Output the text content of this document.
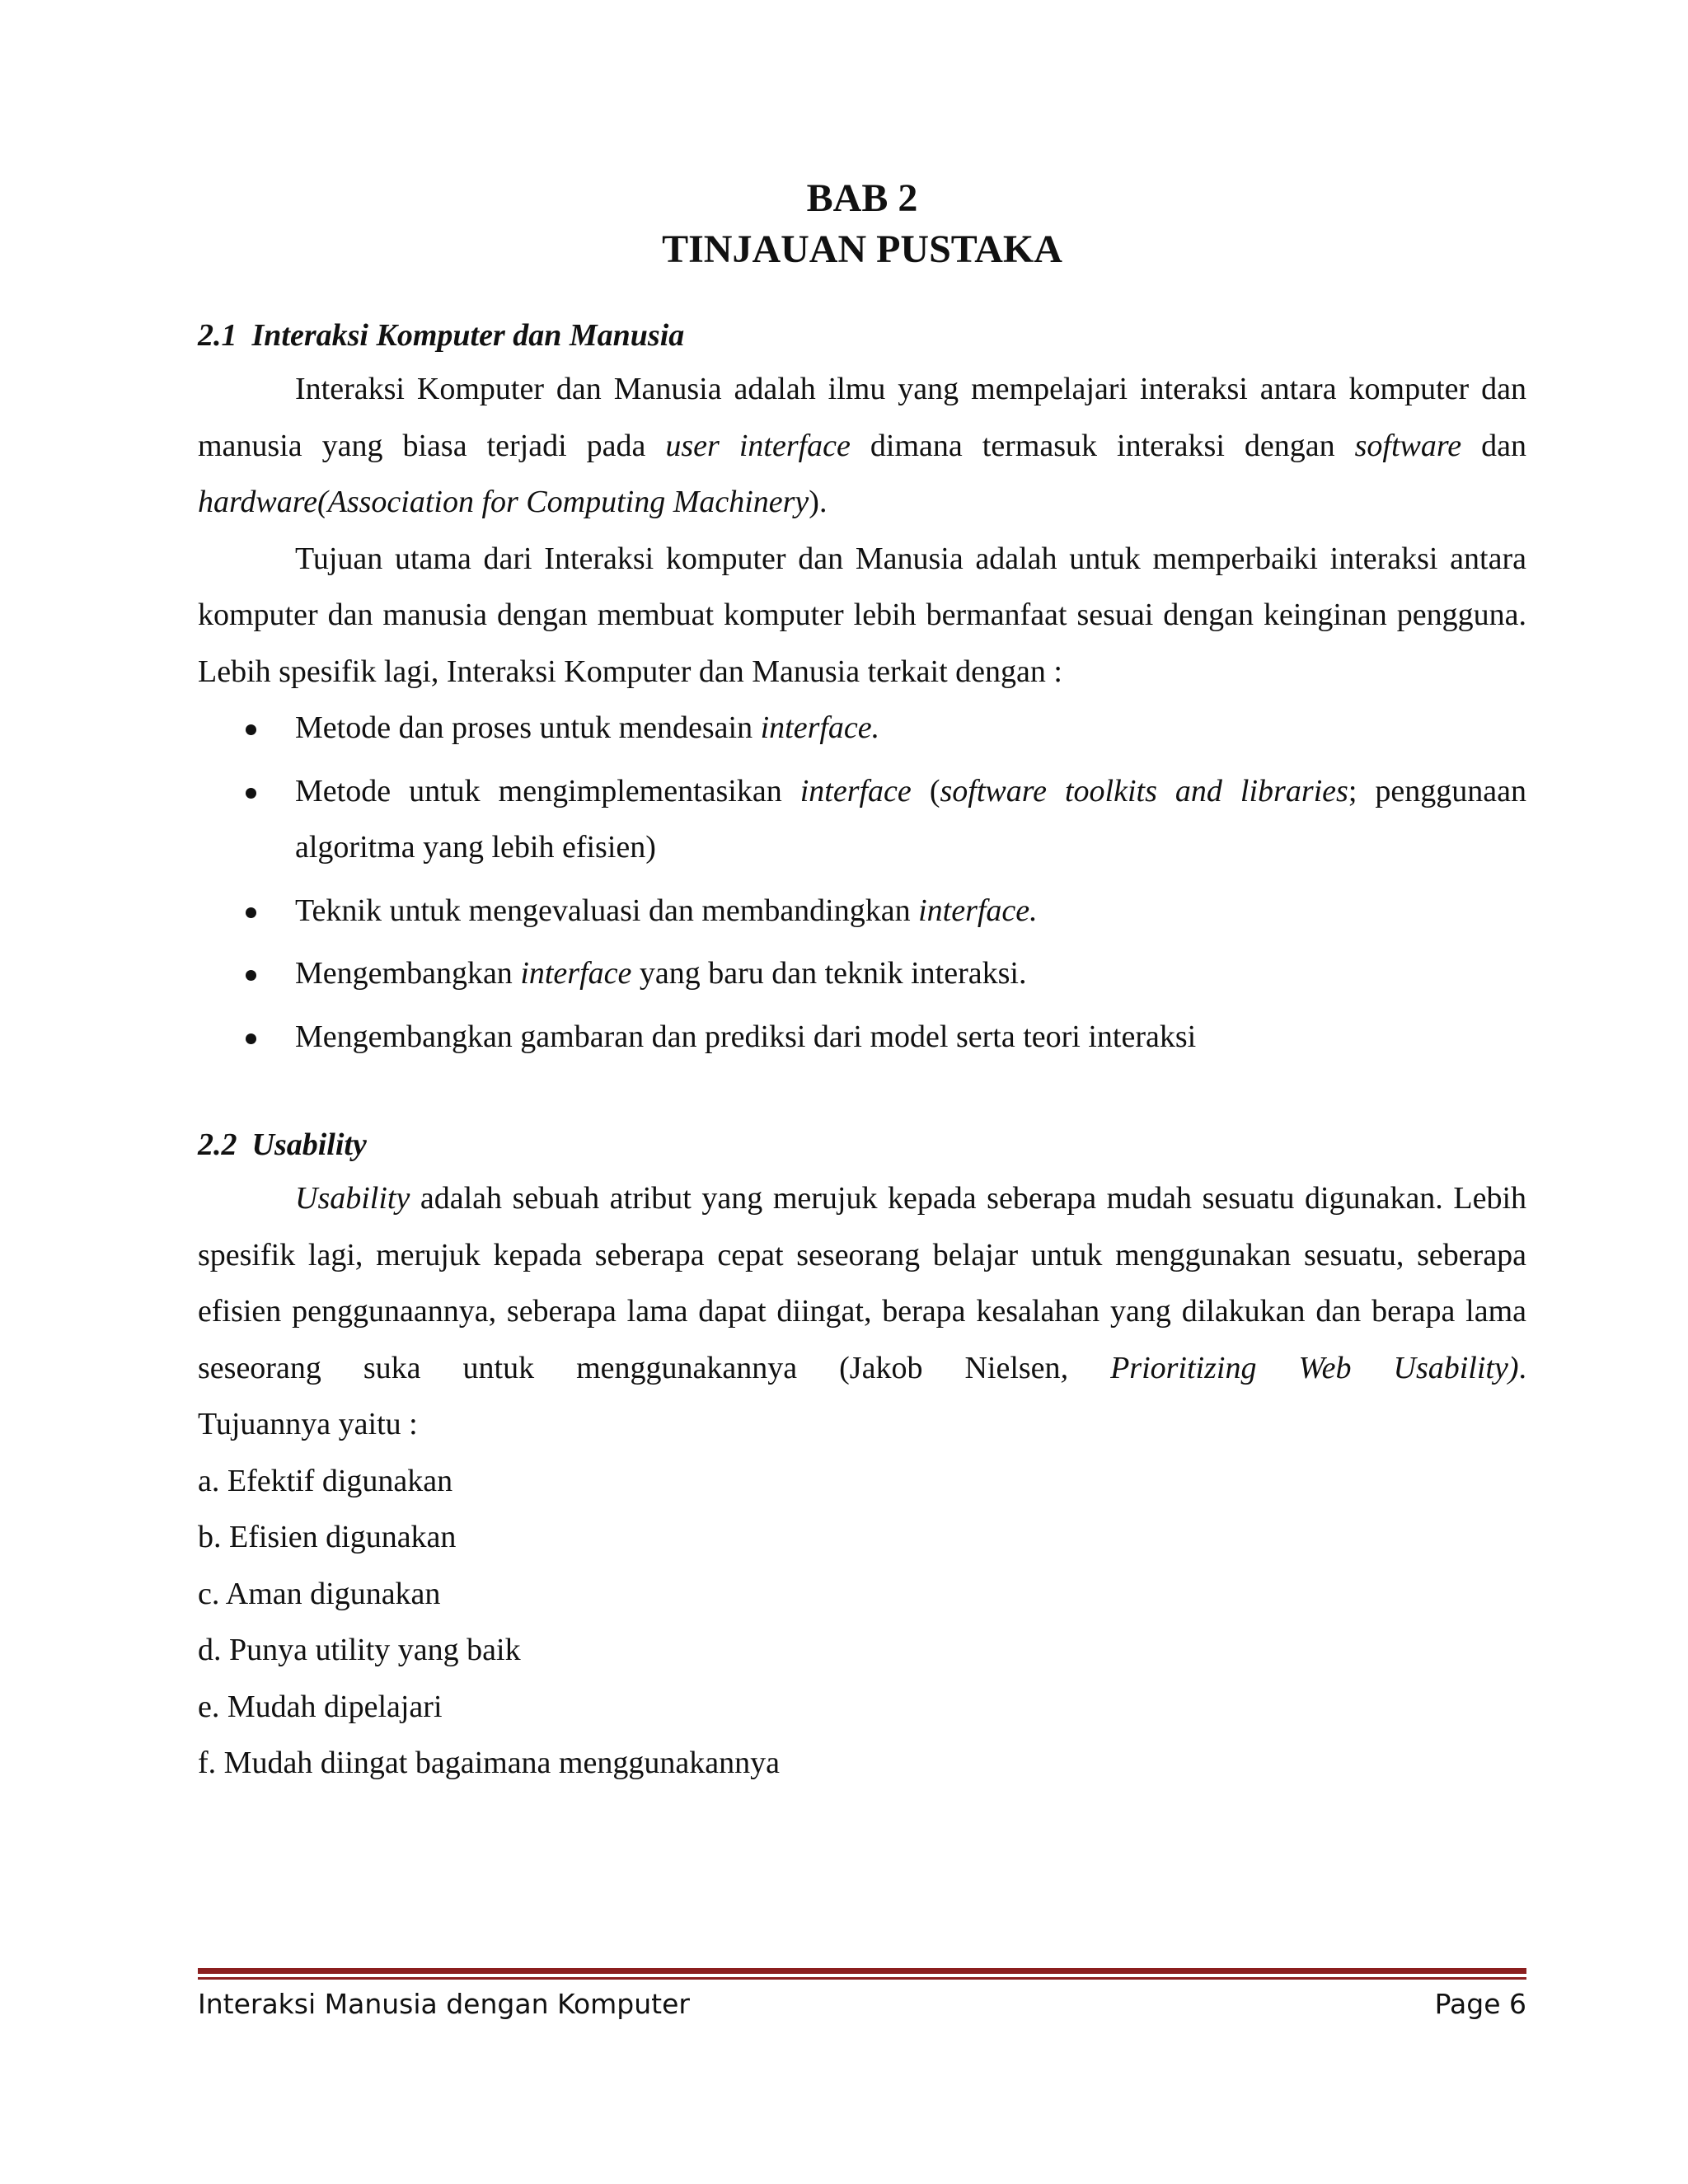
BAB 2
TINJAUAN PUSTAKA
2.1 Interaksi Komputer dan Manusia

Interaksi Komputer dan Manusia adalah ilmu yang mempelajari interaksi antara komputer dan manusia yang biasa terjadi pada user interface dimana termasuk interaksi dengan software dan hardware(Association for Computing Machinery).

Tujuan utama dari Interaksi komputer dan Manusia adalah untuk memperbaiki interaksi antara komputer dan manusia dengan membuat komputer lebih bermanfaat sesuai dengan keinginan pengguna. Lebih spesifik lagi, Interaksi Komputer dan Manusia terkait dengan :

Metode dan proses untuk mendesain interface.
Metode untuk mengimplementasikan interface (software toolkits and libraries; penggunaan algoritma yang lebih efisien)
Teknik untuk mengevaluasi dan membandingkan interface.
Mengembangkan interface yang baru dan teknik interaksi.
Mengembangkan gambaran dan prediksi dari model serta teori interaksi
2.2 Usability

Usability adalah sebuah atribut yang merujuk kepada seberapa mudah sesuatu digunakan. Lebih spesifik lagi, merujuk kepada seberapa cepat seseorang belajar untuk menggunakan sesuatu, seberapa efisien penggunaannya, seberapa lama dapat diingat, berapa kesalahan yang dilakukan dan berapa lama seseorang suka untuk menggunakannya (Jakob Nielsen, Prioritizing Web Usability).

Tujuannya yaitu :

a. Efektif digunakan
b. Efisien digunakan
c. Aman digunakan
d. Punya utility yang baik
e. Mudah dipelajari
f. Mudah diingat bagaimana menggunakannya
Interaksi Manusia dengan Komputer	Page 6
